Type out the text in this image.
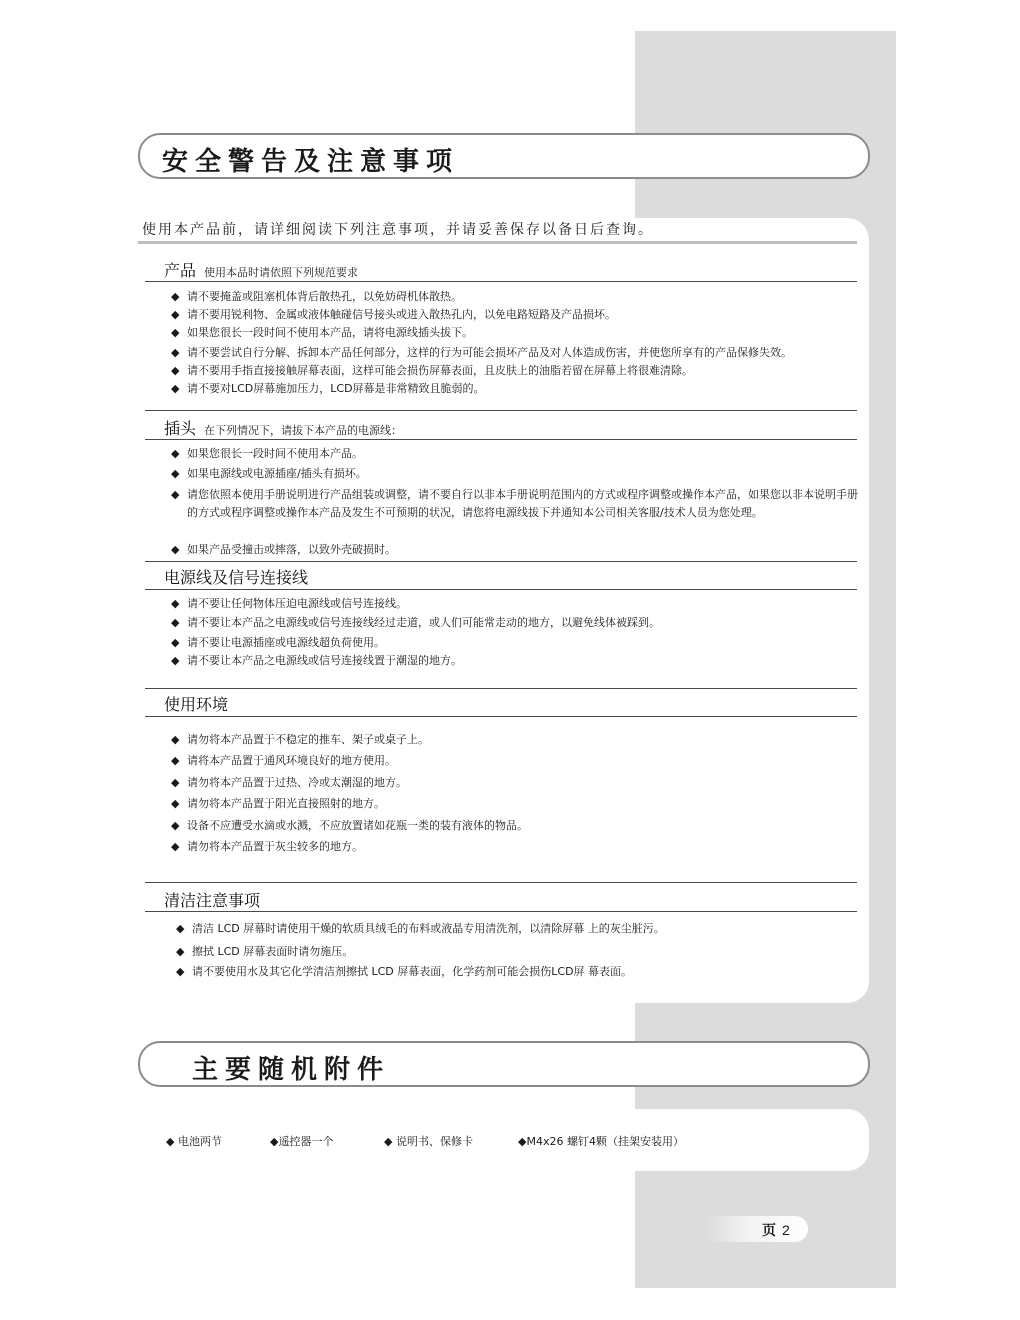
安全警告及注意事项
使用本产品前，请详细阅读下列注意事项，并请妥善保存以备日后查询。
产品 使用本品时请依照下列规范要求
◆ 请不要掩盖或阻塞机体背后散热孔，以免妨碍机体散热。
◆ 请不要用锐利物、金属或液体触碰信号接头或进入散热孔内，以免电路短路及产品损坏。
◆ 如果您很长一段时间不使用本产品，请将电源线插头拔下。
◆ 请不要尝试自行分解、拆卸本产品任何部分，这样的行为可能会损坏产品及对人体造成伤害，并使您所享有的产品保修失效。
◆ 请不要用手指直接接触屏幕表面，这样可能会损伤屏幕表面，且皮肤上的油脂若留在屏幕上将很难清除。
◆ 请不要对LCD屏幕施加压力，LCD屏幕是非常精致且脆弱的。
插头 在下列情况下，请拔下本产品的电源线：
◆ 如果您很长一段时间不使用本产品。
◆ 如果电源线或电源插座/插头有损坏。
◆ 请您依照本使用手册说明进行产品组装或调整，请不要自行以非本手册说明范围内的方式或程序调整或操作本产品，如果您以非本说明手册的方式或程序调整或操作本产品及发生不可预期的状况，请您将电源线拔下并通知本公司相关客服/技术人员为您处理。
◆ 如果产品受撞击或摔落，以致外壳破损时。
电源线及信号连接线
◆ 请不要让任何物体压迫电源线或信号连接线。
◆ 请不要让本产品之电源线或信号连接线经过走道，或人们可能常走动的地方，以避免线体被踩到。
◆ 请不要让电源插座或电源线超负荷使用。
◆ 请不要让本产品之电源线或信号连接线置于潮湿的地方。
使用环境
◆ 请勿将本产品置于不稳定的推车、架子或桌子上。
◆ 请将本产品置于通风环境良好的地方使用。
◆ 请勿将本产品置于过热、冷或太潮湿的地方。
◆ 请勿将本产品置于阳光直接照射的地方。
◆ 设备不应遭受水滴或水溅，不应放置诸如花瓶一类的装有液体的物品。
◆ 请勿将本产品置于灰尘较多的地方。
清洁注意事项
◆ 清洁 LCD 屏幕时请使用干燥的软质具绒毛的布料或液晶专用清洗剂，以清除屏幕 上的灰尘脏污。
◆ 擦拭 LCD 屏幕表面时请勿施压。
◆ 请不要使用水及其它化学清洁剂擦拭 LCD 屏幕表面，化学药剂可能会损伤LCD屏 幕表面。
主要随机附件
◆ 电池两节	◆遥控器一个	◆ 说明书、保修卡	◆M4x26 螺钉4颗（挂架安装用）
页 2
